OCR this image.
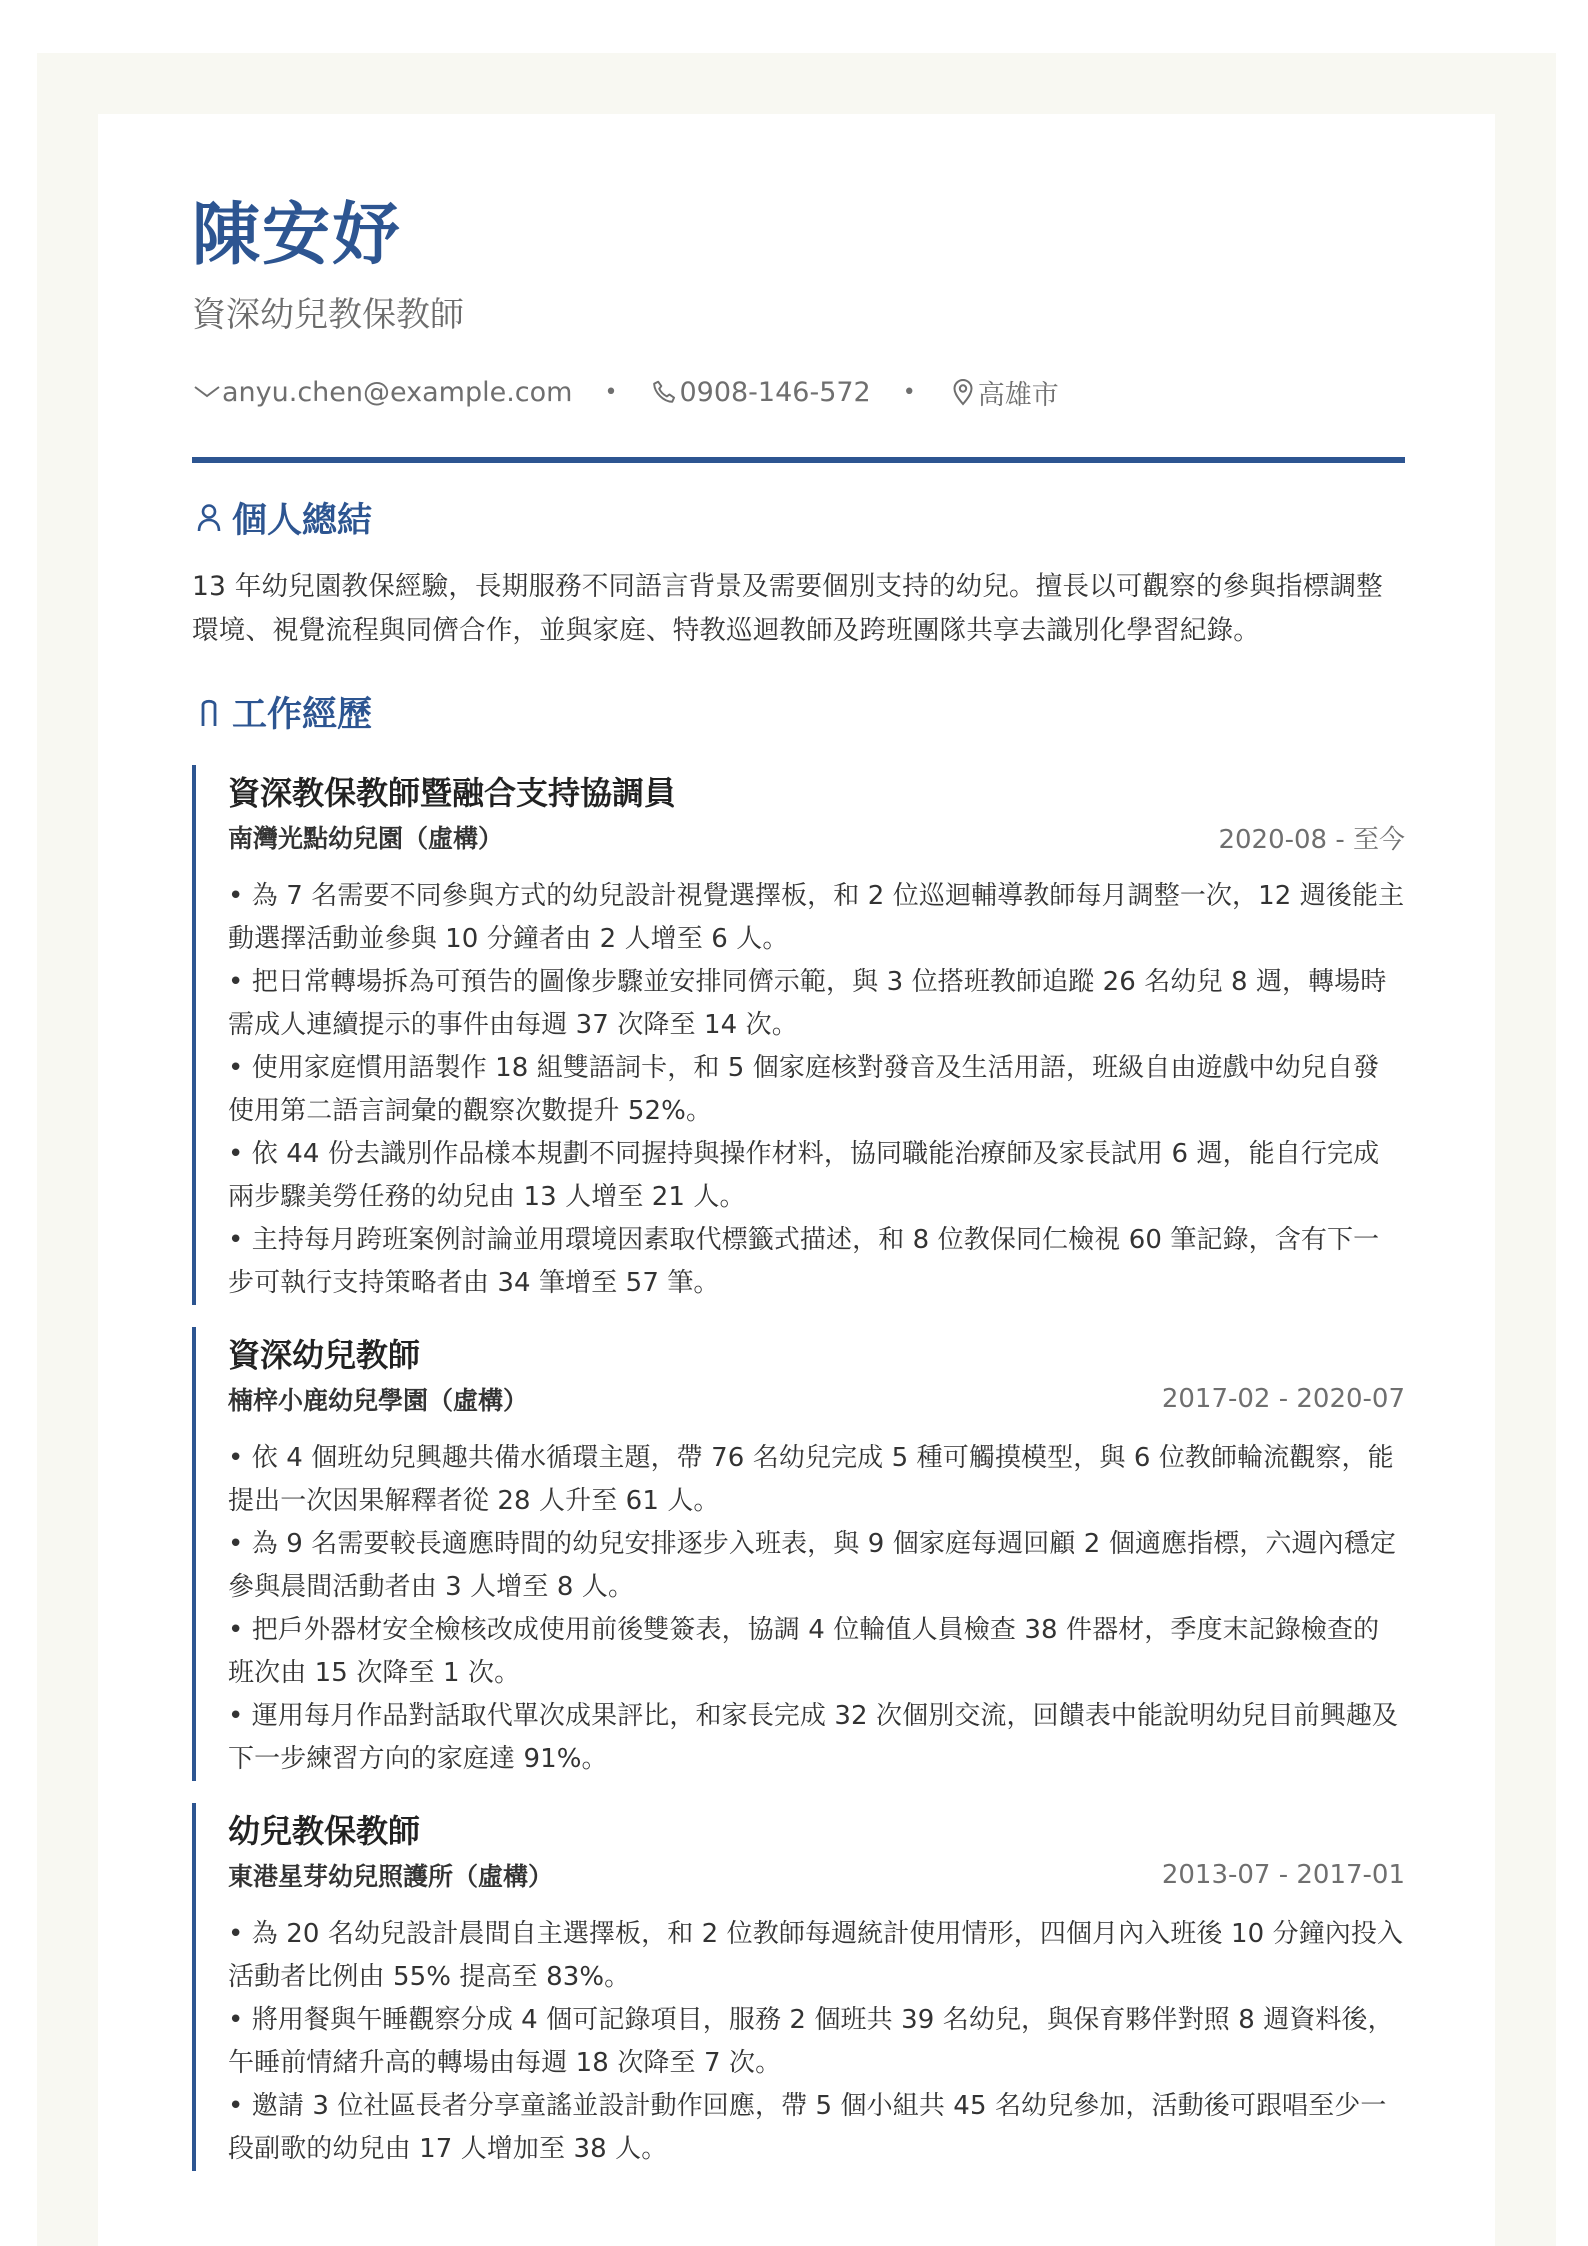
陳安妤
資深幼兒教保教師
anyu.chen@example.com • 0908-146-572 • 高雄市
個人總結
13 年幼兒園教保經驗，長期服務不同語言背景及需要個別支持的幼兒。擅長以可觀察的參與指標調整環境、視覺流程與同儕合作，並與家庭、特教巡迴教師及跨班團隊共享去識別化學習紀錄。
工作經歷
資深教保教師暨融合支持協調員
南灣光點幼兒園（虛構）	2020-08 - 至今
• 為 7 名需要不同參與方式的幼兒設計視覺選擇板，和 2 位巡迴輔導教師每月調整一次，12 週後能主動選擇活動並參與 10 分鐘者由 2 人增至 6 人。
• 把日常轉場拆為可預告的圖像步驟並安排同儕示範，與 3 位搭班教師追蹤 26 名幼兒 8 週，轉場時需成人連續提示的事件由每週 37 次降至 14 次。
• 使用家庭慣用語製作 18 組雙語詞卡，和 5 個家庭核對發音及生活用語，班級自由遊戲中幼兒自發使用第二語言詞彙的觀察次數提升 52%。
• 依 44 份去識別作品樣本規劃不同握持與操作材料，協同職能治療師及家長試用 6 週，能自行完成兩步驟美勞任務的幼兒由 13 人增至 21 人。
• 主持每月跨班案例討論並用環境因素取代標籤式描述，和 8 位教保同仁檢視 60 筆記錄，含有下一步可執行支持策略者由 34 筆增至 57 筆。
資深幼兒教師
楠梓小鹿幼兒學園（虛構）	2017-02 - 2020-07
• 依 4 個班幼兒興趣共備水循環主題，帶 76 名幼兒完成 5 種可觸摸模型，與 6 位教師輪流觀察，能提出一次因果解釋者從 28 人升至 61 人。
• 為 9 名需要較長適應時間的幼兒安排逐步入班表，與 9 個家庭每週回顧 2 個適應指標，六週內穩定參與晨間活動者由 3 人增至 8 人。
• 把戶外器材安全檢核改成使用前後雙簽表，協調 4 位輪值人員檢查 38 件器材，季度末記錄檢查的班次由 15 次降至 1 次。
• 運用每月作品對話取代單次成果評比，和家長完成 32 次個別交流，回饋表中能說明幼兒目前興趣及下一步練習方向的家庭達 91%。
幼兒教保教師
東港星芽幼兒照護所（虛構）	2013-07 - 2017-01
• 為 20 名幼兒設計晨間自主選擇板，和 2 位教師每週統計使用情形，四個月內入班後 10 分鐘內投入活動者比例由 55% 提高至 83%。
• 將用餐與午睡觀察分成 4 個可記錄項目，服務 2 個班共 39 名幼兒，與保育夥伴對照 8 週資料後，午睡前情緒升高的轉場由每週 18 次降至 7 次。
• 邀請 3 位社區長者分享童謠並設計動作回應，帶 5 個小組共 45 名幼兒參加，活動後可跟唱至少一段副歌的幼兒由 17 人增加至 38 人。
